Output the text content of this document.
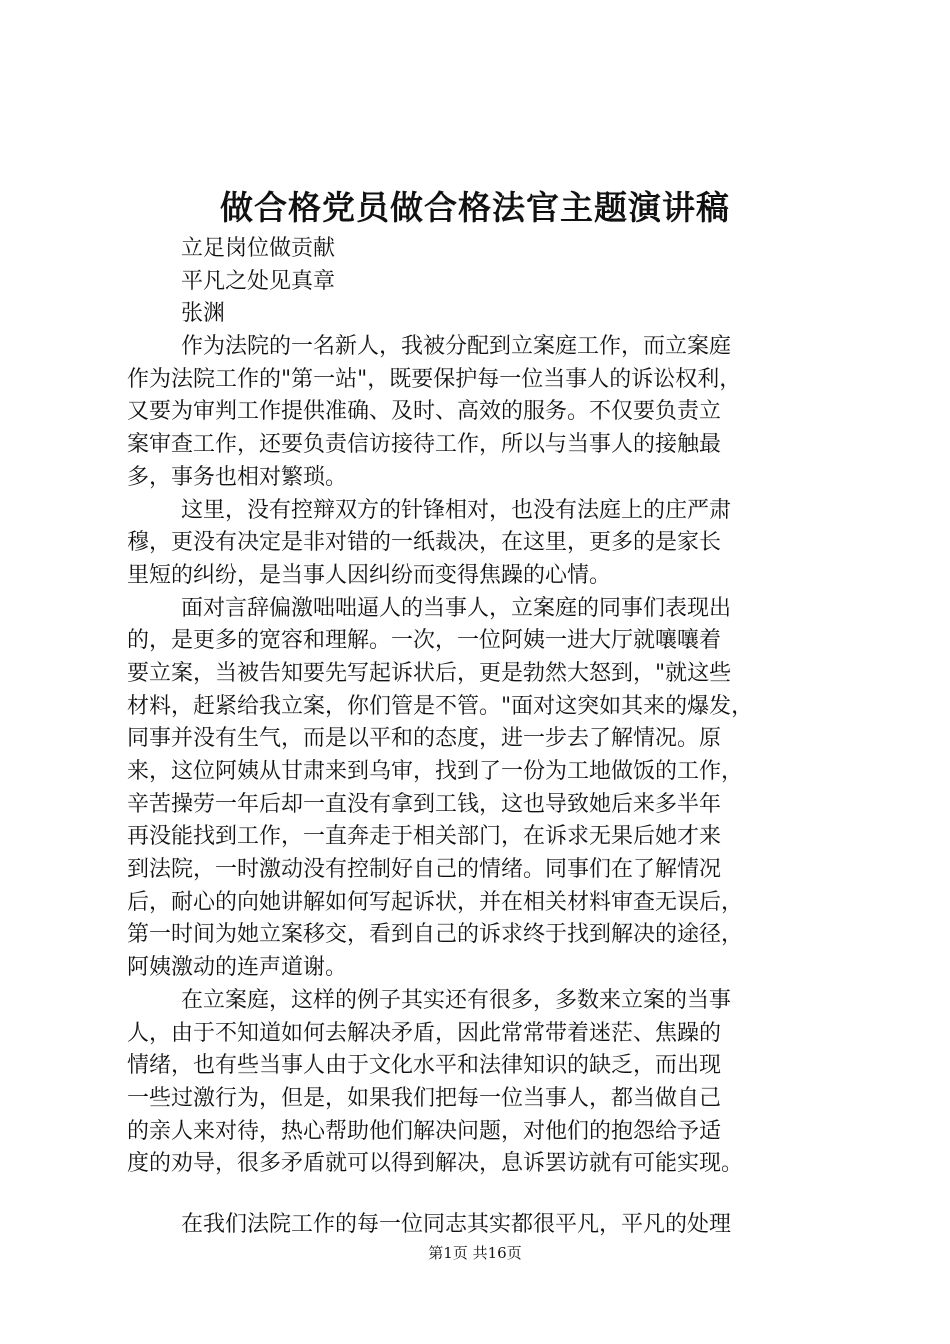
做合格党员做合格法官主题演讲稿
立足岗位做贡献
平凡之处见真章
张渊
作为法院的一名新人，我被分配到立案庭工作，而立案庭
作为法院工作的"第一站"，既要保护每一位当事人的诉讼权利，
又要为审判工作提供准确、及时、高效的服务。不仅要负责立
案审查工作，还要负责信访接待工作，所以与当事人的接触最
多，事务也相对繁琐。
这里，没有控辩双方的针锋相对，也没有法庭上的庄严肃
穆，更没有决定是非对错的一纸裁决，在这里，更多的是家长
里短的纠纷，是当事人因纠纷而变得焦躁的心情。
面对言辞偏激咄咄逼人的当事人，立案庭的同事们表现出
的，是更多的宽容和理解。一次，一位阿姨一进大厅就嚷嚷着
要立案，当被告知要先写起诉状后，更是勃然大怒到，"就这些
材料，赶紧给我立案，你们管是不管。"面对这突如其来的爆发，
同事并没有生气，而是以平和的态度，进一步去了解情况。原
来，这位阿姨从甘肃来到乌审，找到了一份为工地做饭的工作，
辛苦操劳一年后却一直没有拿到工钱，这也导致她后来多半年
再没能找到工作，一直奔走于相关部门，在诉求无果后她才来
到法院，一时激动没有控制好自己的情绪。同事们在了解情况
后，耐心的向她讲解如何写起诉状，并在相关材料审查无误后，
第一时间为她立案移交，看到自己的诉求终于找到解决的途径，
阿姨激动的连声道谢。
在立案庭，这样的例子其实还有很多，多数来立案的当事
人，由于不知道如何去解决矛盾，因此常常带着迷茫、焦躁的
情绪，也有些当事人由于文化水平和法律知识的缺乏，而出现
一些过激行为，但是，如果我们把每一位当事人，都当做自己
的亲人来对待，热心帮助他们解决问题，对他们的抱怨给予适
度的劝导，很多矛盾就可以得到解决，息诉罢访就有可能实现。
在我们法院工作的每一位同志其实都很平凡，平凡的处理
第1页 共16页
